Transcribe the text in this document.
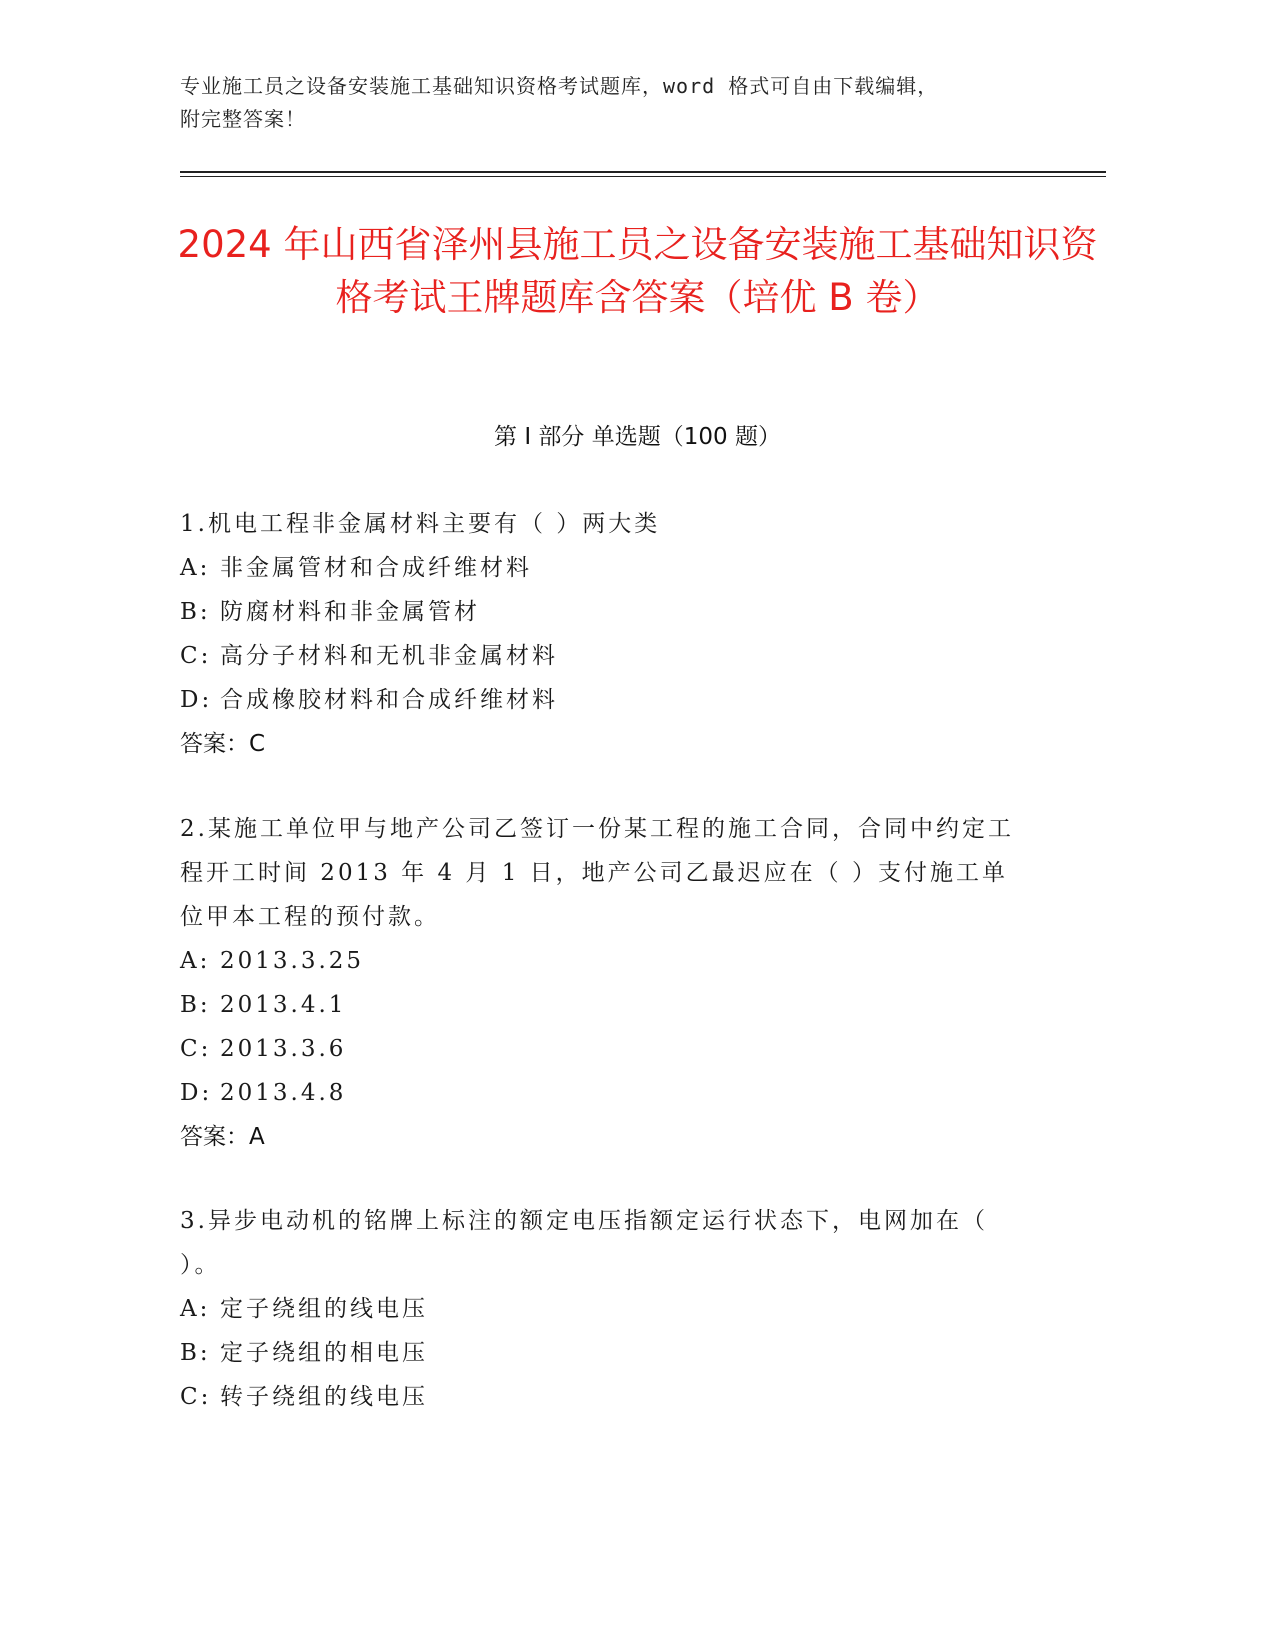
专业施工员之设备安装施工基础知识资格考试题库，word 格式可自由下载编辑，
附完整答案！
2024 年山西省泽州县施工员之设备安装施工基础知识资格考试王牌题库含答案（培优 B 卷）
第 I 部分 单选题（100 题）
1.机电工程非金属材料主要有（ ）两大类
A: 非金属管材和合成纤维材料
B: 防腐材料和非金属管材
C: 高分子材料和无机非金属材料
D: 合成橡胶材料和合成纤维材料
答案：C
2.某施工单位甲与地产公司乙签订一份某工程的施工合同，合同中约定工程开工时间 2013 年 4 月 1 日，地产公司乙最迟应在（ ）支付施工单位甲本工程的预付款。
A: 2013.3.25
B: 2013.4.1
C: 2013.3.6
D: 2013.4.8
答案：A
3.异步电动机的铭牌上标注的额定电压指额定运行状态下，电网加在（ ）。
A: 定子绕组的线电压
B: 定子绕组的相电压
C: 转子绕组的线电压
